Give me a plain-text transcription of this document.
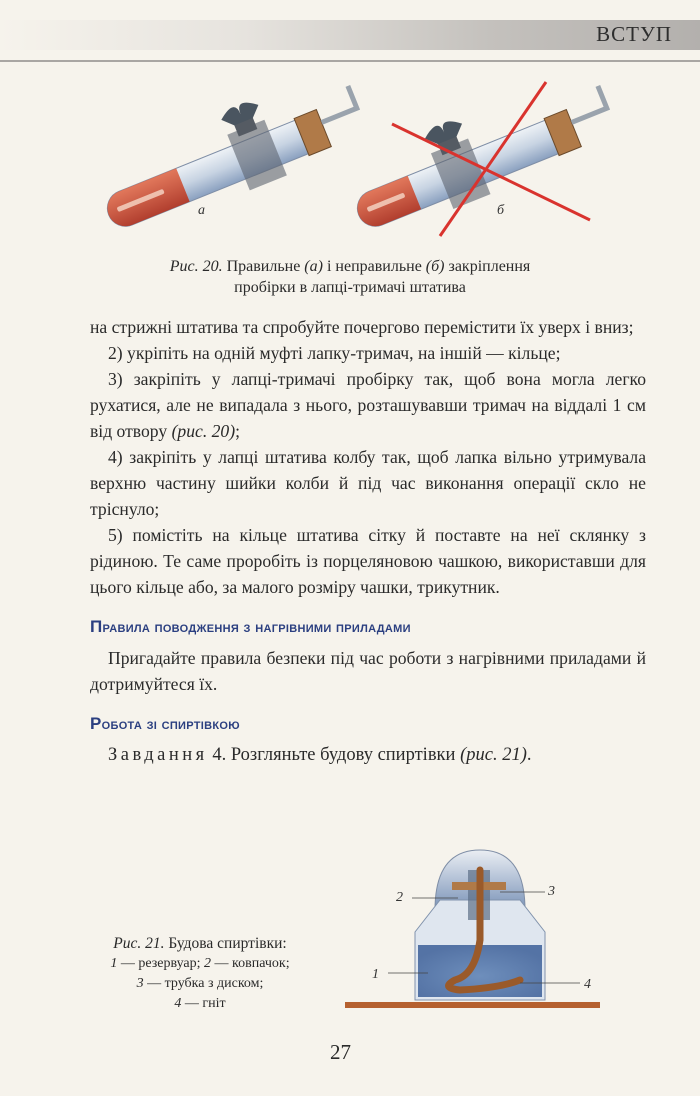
ВСТУП
а	б
Рис. 20. Правильне (а) і неправильне (б) закріплення
пробірки в лапці-тримачі штатива

на стрижні штатива та спробуйте почергово перемістити їх уверх і вниз;

2) укріпіть на одній муфті лапку-тримач, на іншій — кільце;

3) закріпіть у лапці-тримачі пробірку так, щоб вона могла легко рухатися, але не випадала з нього, розташувавши тримач на віддалі 1 см від отвору (рис. 20);

4) закріпіть у лапці штатива колбу так, щоб лапка вільно утримувала верхню частину шийки колби й під час виконання операції скло не тріснуло;

5) помістіть на кільце штатива сітку й поставте на неї склянку з рідиною. Те саме проробіть із порцеляновою чашкою, використавши для цього кільце або, за малого розміру чашки, трикутник.

Правила поводження з нагрівними приладами

Пригадайте правила безпеки під час роботи з нагрівними приладами й дотримуйтеся їх.

Робота зі спиртівкою

Завдання 4. Розгляньте будову спиртівки (рис. 21).

2	3
1
4
Рис. 21. Будова спиртівки:
1 — резервуар; 2 — ковпачок;
3 — трубка з диском;
4 — гніт
27
